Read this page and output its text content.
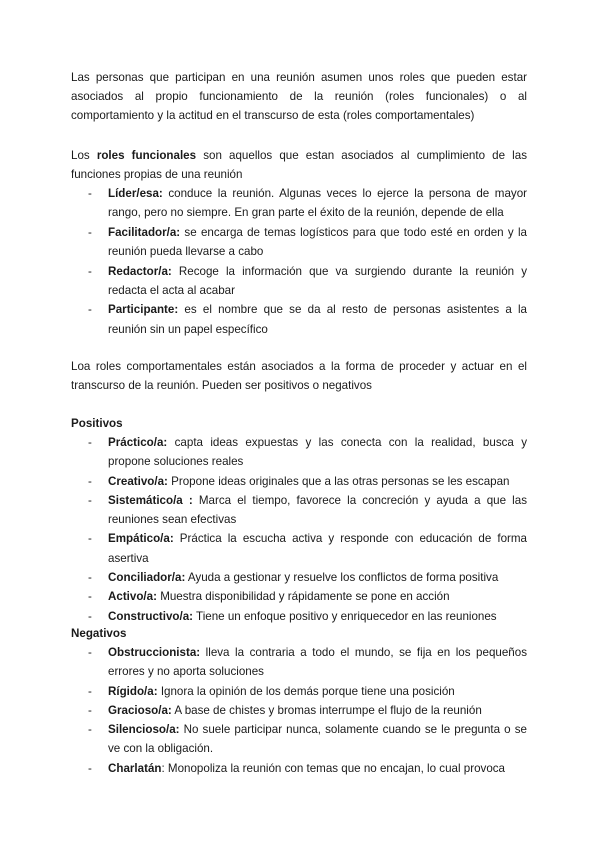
Las personas que participan en una reunión asumen unos roles que pueden estar asociados al propio funcionamiento de la reunión (roles funcionales) o al comportamiento y la actitud en el transcurso de esta (roles comportamentales)

Los roles funcionales son aquellos que estan asociados al cumplimiento de las funciones propias de una reunión

- Líder/esa: conduce la reunión. Algunas veces lo ejerce la persona de mayor rango, pero no siempre. En gran parte el éxito de la reunión, depende de ella
- Facilitador/a: se encarga de temas logísticos para que todo esté en orden y la reunión pueda llevarse a cabo
- Redactor/a: Recoge la información que va surgiendo durante la reunión y redacta el acta al acabar
- Participante: es el nombre que se da al resto de personas asistentes a la reunión sin un papel específico

Loa roles comportamentales están asociados a la forma de proceder y actuar en el transcurso de la reunión. Pueden ser positivos o negativos

Positivos
- Práctico/a: capta ideas expuestas y las conecta con la realidad, busca y propone soluciones reales
- Creativo/a: Propone ideas originales que a las otras personas se les escapan
- Sistemático/a : Marca el tiempo, favorece la concreción y ayuda a que las reuniones sean efectivas
- Empático/a: Práctica la escucha activa y responde con educación de forma asertiva
- Conciliador/a: Ayuda a gestionar y resuelve los conflictos de forma positiva
- Activo/a: Muestra disponibilidad y rápidamente se pone en acción
- Constructivo/a: Tiene un enfoque positivo y enriquecedor en las reuniones
Negativos
- Obstruccionista: lleva la contraria a todo el mundo, se fija en los pequeños errores y no aporta soluciones
- Rígido/a: Ignora la opinión de los demás porque tiene una posición
- Gracioso/a: A base de chistes y bromas interrumpe el flujo de la reunión
- Silencioso/a: No suele participar nunca, solamente cuando se le pregunta o se ve con la obligación.
- Charlatán: Monopoliza la reunión con temas que no encajan, lo cual provoca
